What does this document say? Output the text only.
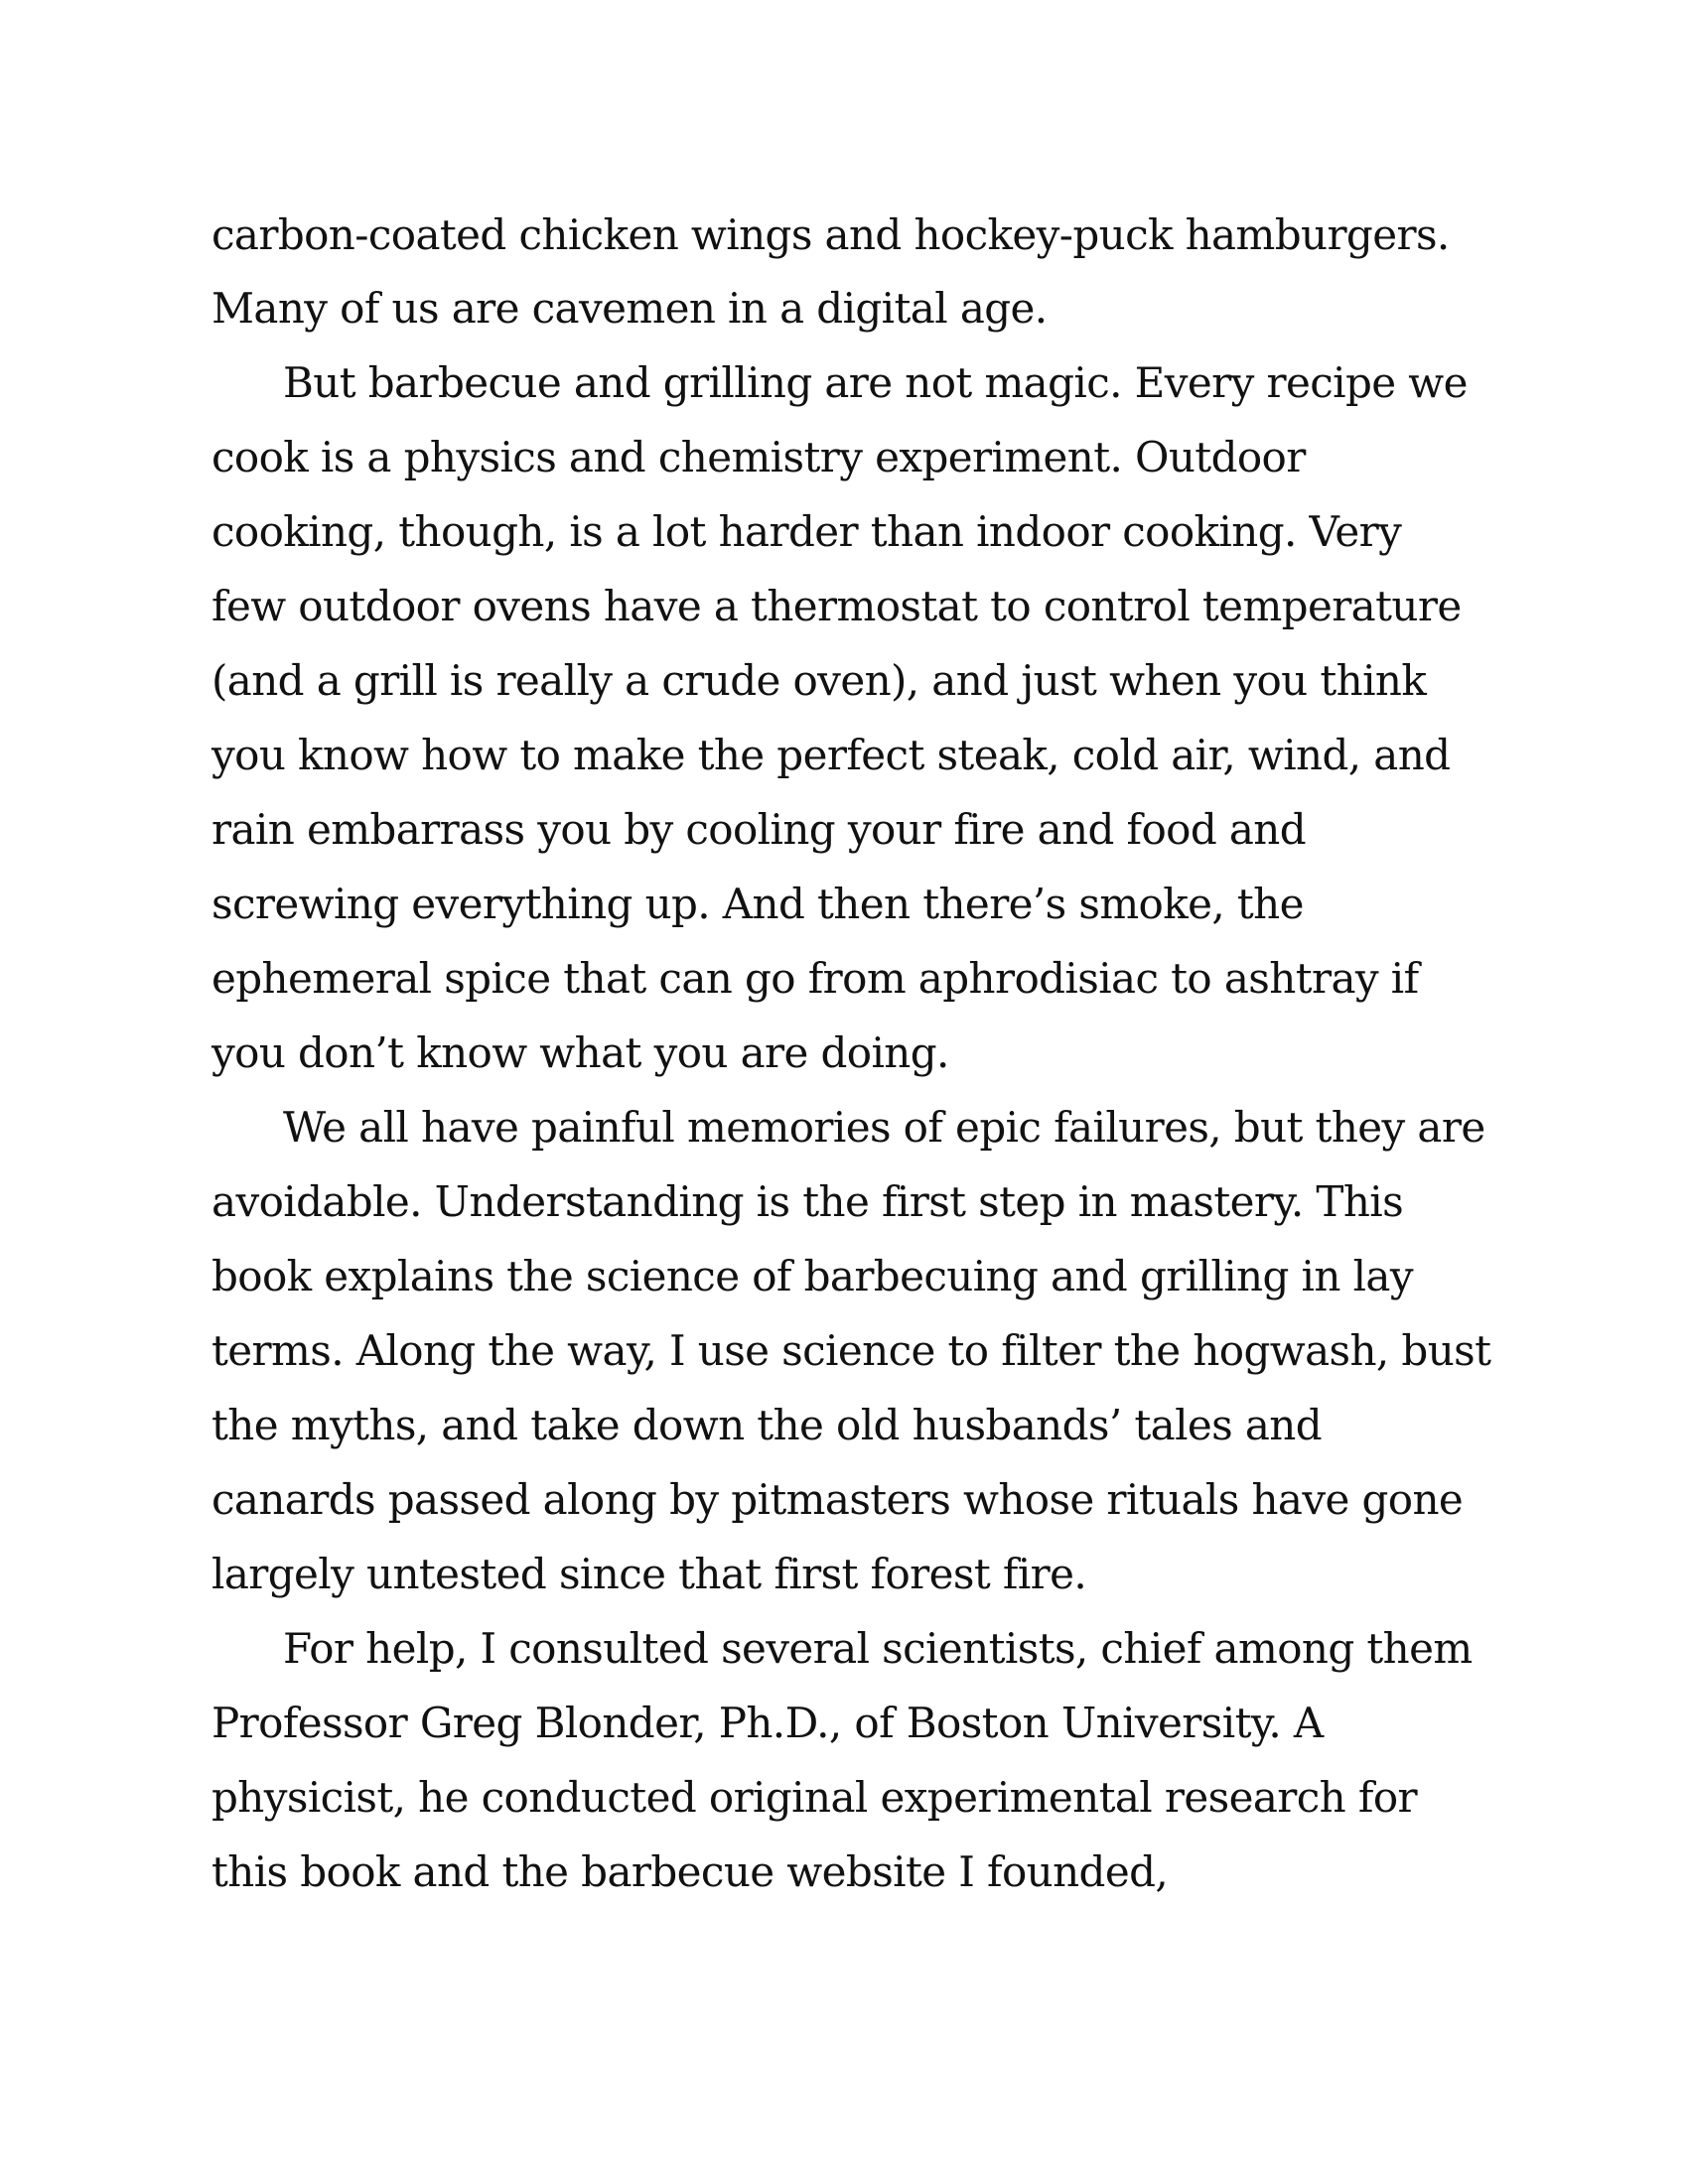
carbon-coated chicken wings and hockey-puck hamburgers.

Many of us are cavemen in a digital age.

But barbecue and grilling are not magic. Every recipe we

cook is a physics and chemistry experiment. Outdoor

cooking, though, is a lot harder than indoor cooking. Very

few outdoor ovens have a thermostat to control temperature

(and a grill is really a crude oven), and just when you think

you know how to make the perfect steak, cold air, wind, and

rain embarrass you by cooling your fire and food and

screwing everything up. And then there’s smoke, the

ephemeral spice that can go from aphrodisiac to ashtray if

you don’t know what you are doing.

We all have painful memories of epic failures, but they are

avoidable. Understanding is the first step in mastery. This

book explains the science of barbecuing and grilling in lay

terms. Along the way, I use science to filter the hogwash, bust

the myths, and take down the old husbands’ tales and

canards passed along by pitmasters whose rituals have gone

largely untested since that first forest fire.

For help, I consulted several scientists, chief among them

Professor Greg Blonder, Ph.D., of Boston University. A

physicist, he conducted original experimental research for

this book and the barbecue website I founded,
